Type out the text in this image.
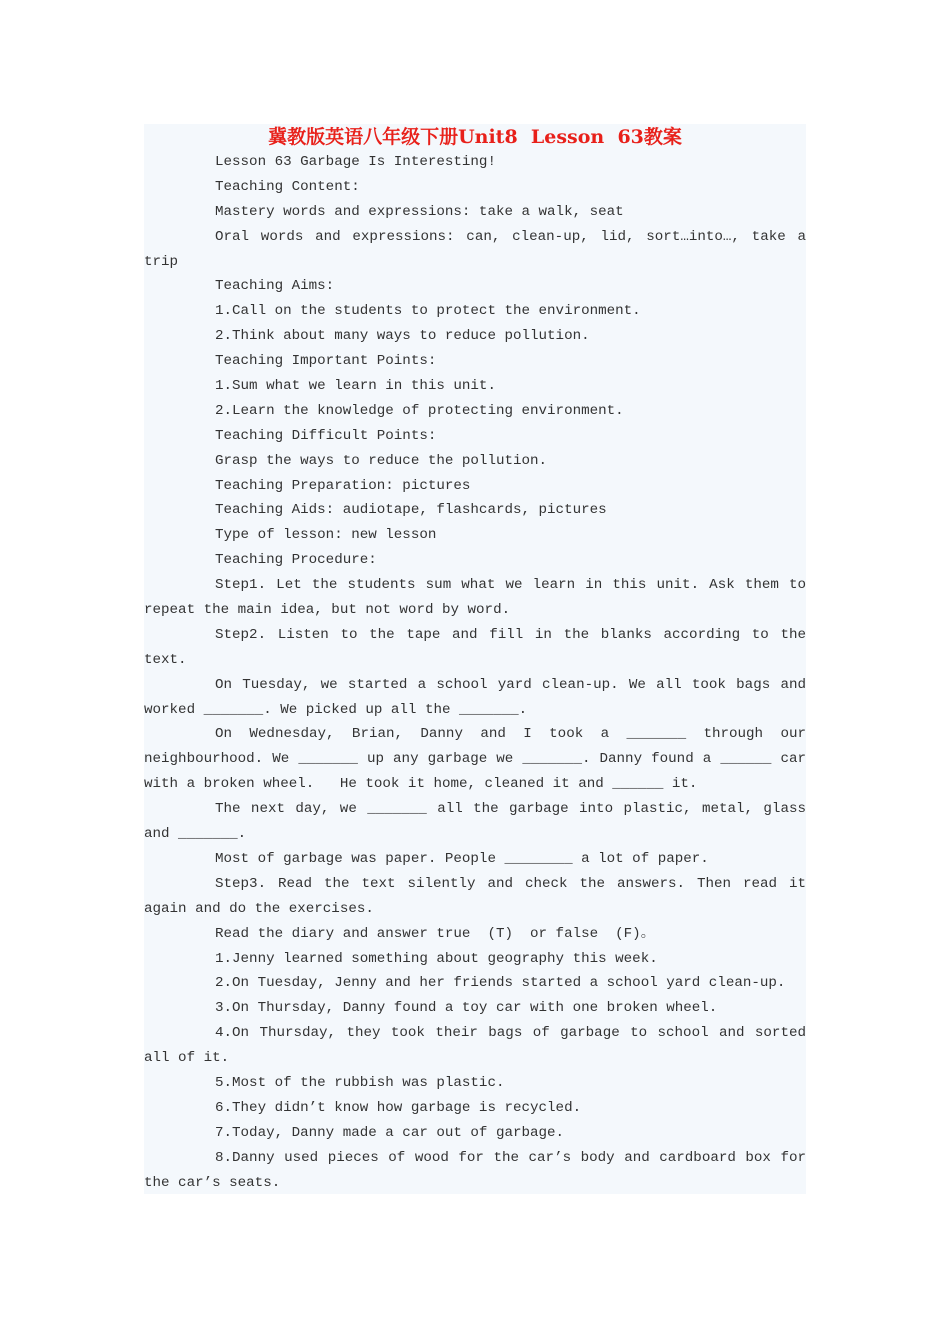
冀教版英语八年级下册Unit8  Lesson  63教案
Lesson 63 Garbage Is Interesting!
Teaching Content:
Mastery words and expressions: take a walk, seat
Oral words and expressions: can, clean-up, lid, sort…into…, take a
trip
Teaching Aims:
1.Call on the students to protect the environment.
2.Think about many ways to reduce pollution.
Teaching Important Points:
1.Sum what we learn in this unit.
2.Learn the knowledge of protecting environment.
Teaching Difficult Points:
Grasp the ways to reduce the pollution.
Teaching Preparation: pictures
Teaching Aids: audiotape, flashcards, pictures
Type of lesson: new lesson
Teaching Procedure:
Step1. Let the students sum what we learn in this unit. Ask them to
repeat the main idea, but not word by word.
Step2. Listen to the tape and fill in the blanks according to the
text.
On Tuesday, we started a school yard clean-up. We all took bags and
worked _______. We picked up all the _______.
On Wednesday, Brian, Danny and I took a _______ through our
neighbourhood. We _______ up any garbage we _______. Danny found a ______ car
with a broken wheel.   He took it home, cleaned it and ______ it.
The next day, we _______ all the garbage into plastic, metal, glass
and _______.
Most of garbage was paper. People ________ a lot of paper.
Step3. Read the text silently and check the answers. Then read it
again and do the exercises.
Read the diary and answer true  (T)  or false  (F)。
1.Jenny learned something about geography this week.
2.On Tuesday, Jenny and her friends started a school yard clean-up.
3.On Thursday, Danny found a toy car with one broken wheel.
4.On Thursday, they took their bags of garbage to school and sorted
all of it.
5.Most of the rubbish was plastic.
6.They didn’t know how garbage is recycled.
7.Today, Danny made a car out of garbage.
8.Danny used pieces of wood for the car’s body and cardboard box for
the car’s seats.
